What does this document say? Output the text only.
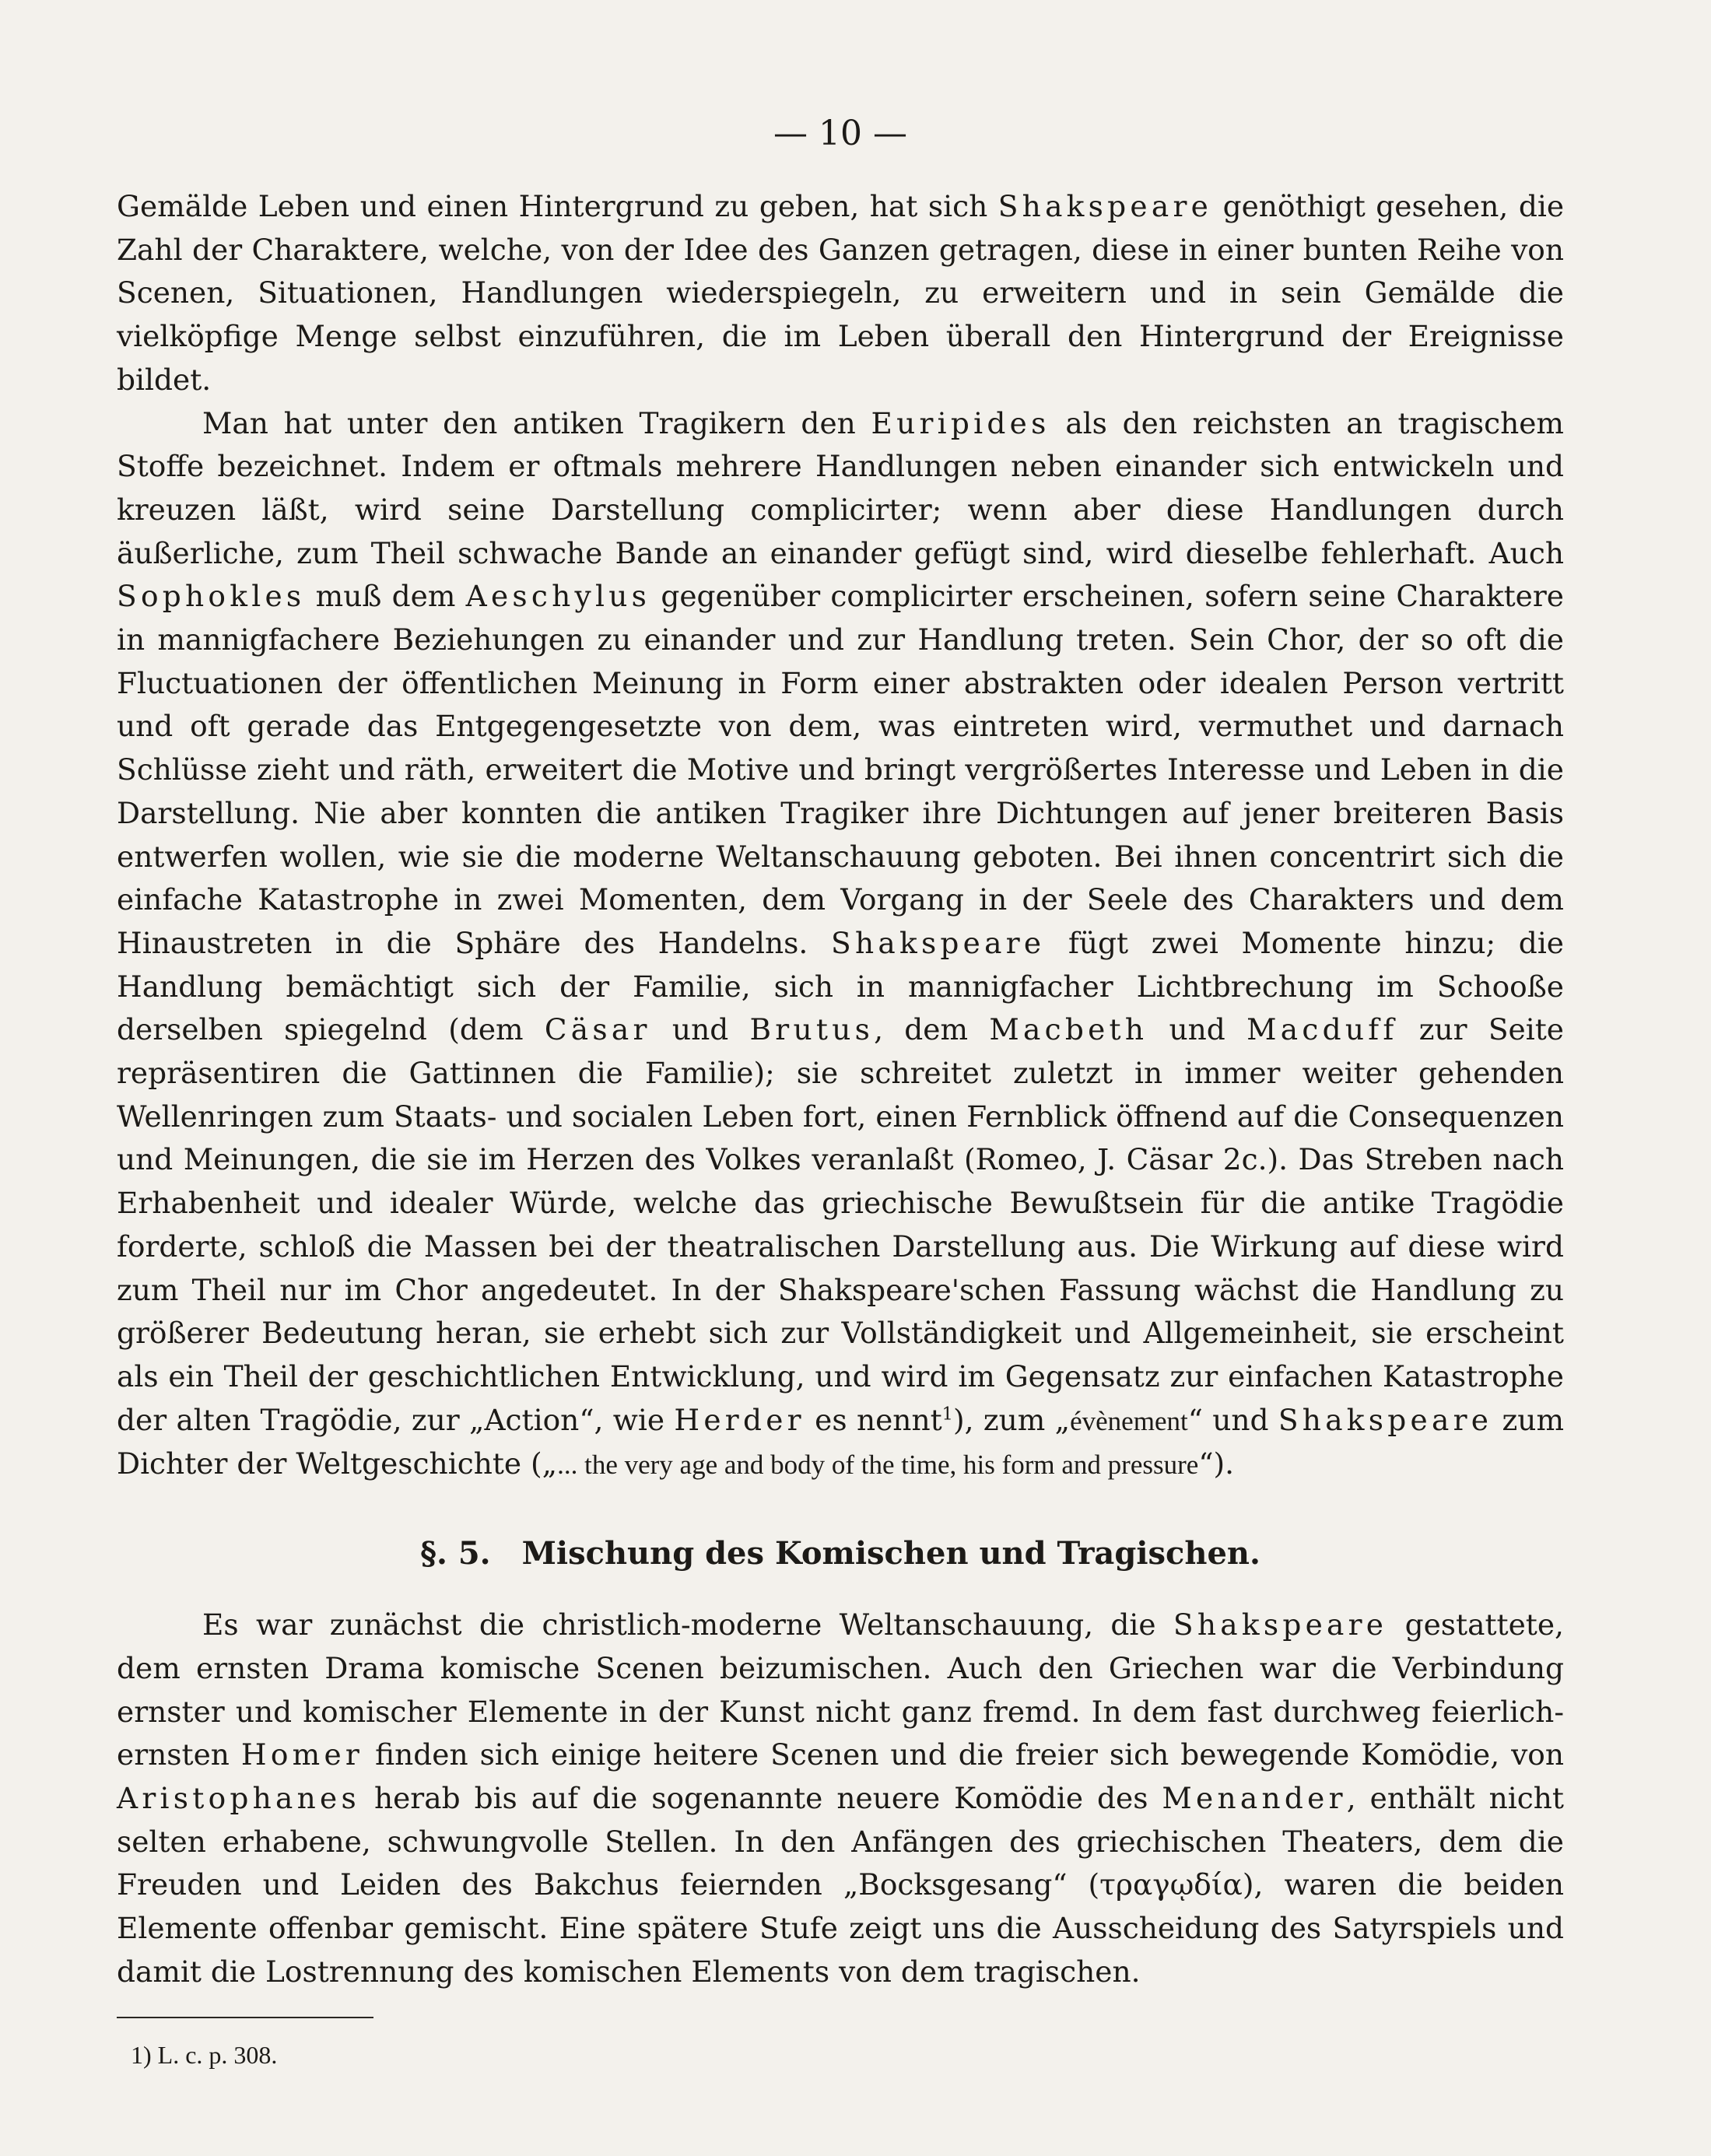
— 10 —

Gemälde Leben und einen Hintergrund zu geben, hat sich Shakspeare genöthigt gesehen, die Zahl der Charaktere, welche, von der Idee des Ganzen getragen, diese in einer bunten Reihe von Scenen, Situationen, Handlungen wiederspiegeln, zu erweitern und in sein Gemälde die vielköpfige Menge selbst einzuführen, die im Leben überall den Hintergrund der Ereignisse bildet.

Man hat unter den antiken Tragikern den Euripides als den reichsten an tragischem Stoffe bezeichnet. Indem er oftmals mehrere Handlungen neben einander sich entwickeln und kreuzen läßt, wird seine Darstellung complicirter; wenn aber diese Handlungen durch äußerliche, zum Theil schwache Bande an einander gefügt sind, wird dieselbe fehlerhaft. Auch Sophokles muß dem Aeschylus gegenüber complicirter erscheinen, sofern seine Charaktere in mannigfachere Beziehungen zu einander und zur Handlung treten. Sein Chor, der so oft die Fluctuationen der öffentlichen Meinung in Form einer abstrakten oder idealen Person vertritt und oft gerade das Entgegengesetzte von dem, was eintreten wird, vermuthet und darnach Schlüsse zieht und räth, erweitert die Motive und bringt vergrößertes Interesse und Leben in die Darstellung. Nie aber konnten die antiken Tragiker ihre Dichtungen auf jener breiteren Basis entwerfen wollen, wie sie die moderne Weltanschauung geboten. Bei ihnen concentrirt sich die einfache Katastrophe in zwei Momenten, dem Vorgang in der Seele des Charakters und dem Hinaustreten in die Sphäre des Handelns. Shakspeare fügt zwei Momente hinzu; die Handlung bemächtigt sich der Familie, sich in mannigfacher Lichtbrechung im Schooße derselben spiegelnd (dem Cäsar und Brutus, dem Macbeth und Macduff zur Seite repräsentiren die Gattinnen die Familie); sie schreitet zuletzt in immer weiter gehenden Wellenringen zum Staats- und socialen Leben fort, einen Fernblick öffnend auf die Consequenzen und Meinungen, die sie im Herzen des Volkes veranlaßt (Romeo, J. Cäsar 2c.). Das Streben nach Erhabenheit und idealer Würde, welche das griechische Bewußtsein für die antike Tragödie forderte, schloß die Massen bei der theatralischen Darstellung aus. Die Wirkung auf diese wird zum Theil nur im Chor angedeutet. In der Shakspeare'schen Fassung wächst die Handlung zu größerer Bedeutung heran, sie erhebt sich zur Vollständigkeit und Allgemeinheit, sie erscheint als ein Theil der geschichtlichen Entwicklung, und wird im Gegensatz zur einfachen Katastrophe der alten Tragödie, zur „Action“, wie Herder es nennt$^1$), zum „évènement“ und Shakspeare zum Dichter der Weltgeschichte („... the very age and body of the time, his form and pressure“).

§. 5. Mischung des Komischen und Tragischen.

Es war zunächst die christlich-moderne Weltanschauung, die Shakspeare gestattete, dem ernsten Drama komische Scenen beizumischen. Auch den Griechen war die Verbindung ernster und komischer Elemente in der Kunst nicht ganz fremd. In dem fast durchweg feierlich-ernsten Homer finden sich einige heitere Scenen und die freier sich bewegende Komödie, von Aristophanes herab bis auf die sogenannte neuere Komödie des Menander, enthält nicht selten erhabene, schwungvolle Stellen. In den Anfängen des griechischen Theaters, dem die Freuden und Leiden des Bakchus feiernden „Bocksgesang“ (τραγῳδία), waren die beiden Elemente offenbar gemischt. Eine spätere Stufe zeigt uns die Ausscheidung des Satyrspiels und damit die Lostrennung des komischen Elements von dem tragischen.

1) L. c. p. 308.
